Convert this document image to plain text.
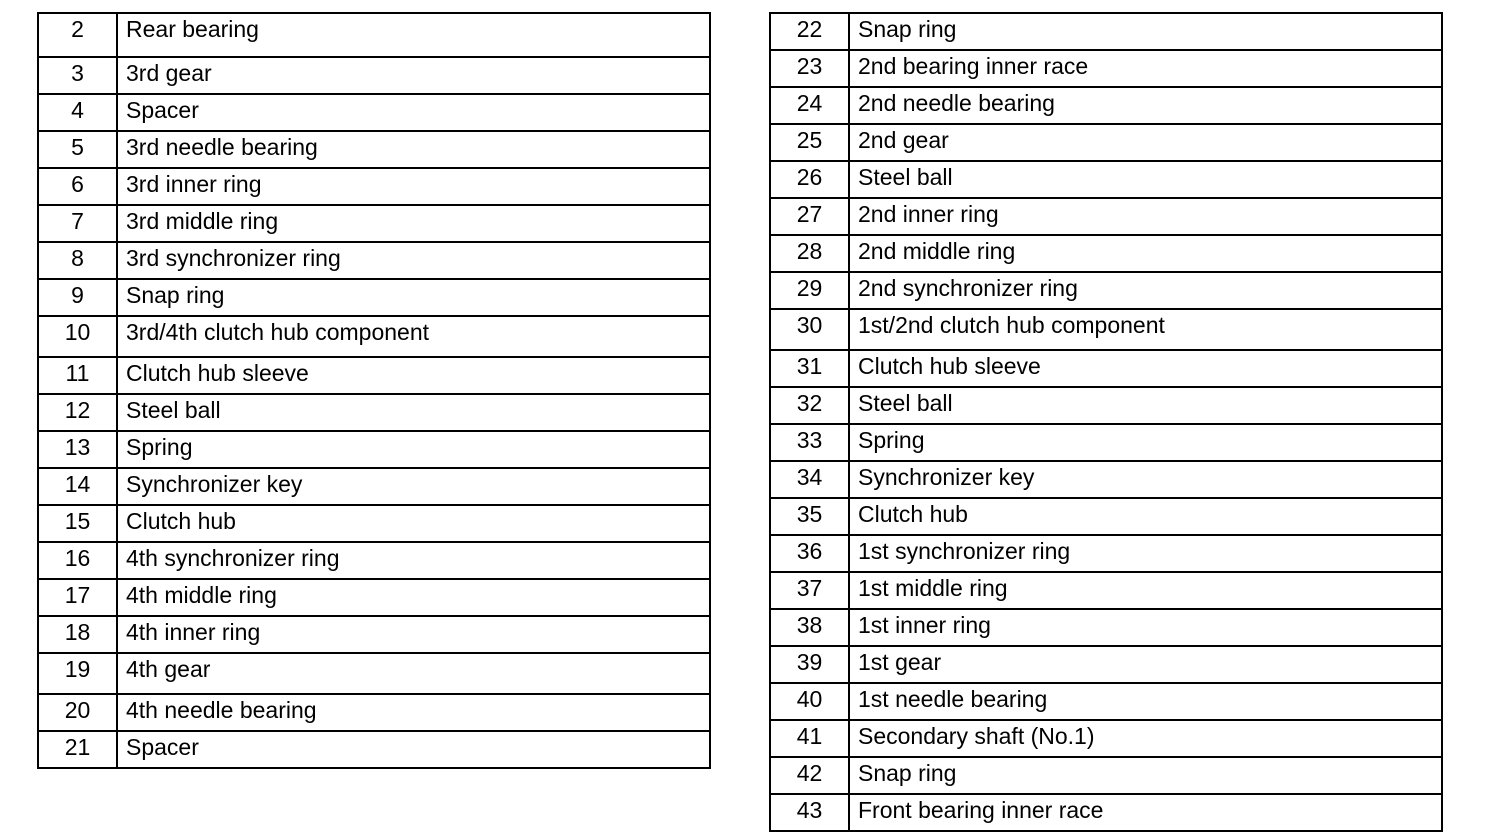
2	Rear bearing
3	3rd gear
4	Spacer
5	3rd needle bearing
6	3rd inner ring
7	3rd middle ring
8	3rd synchronizer ring
9	Snap ring
10	3rd/4th clutch hub component
11	Clutch hub sleeve
12	Steel ball
13	Spring
14	Synchronizer key
15	Clutch hub
16	4th synchronizer ring
17	4th middle ring
18	4th inner ring
19	4th gear
20	4th needle bearing
21	Spacer
22	Snap ring
23	2nd bearing inner race
24	2nd needle bearing
25	2nd gear
26	Steel ball
27	2nd inner ring
28	2nd middle ring
29	2nd synchronizer ring
30	1st/2nd clutch hub component
31	Clutch hub sleeve
32	Steel ball
33	Spring
34	Synchronizer key
35	Clutch hub
36	1st synchronizer ring
37	1st middle ring
38	1st inner ring
39	1st gear
40	1st needle bearing
41	Secondary shaft (No.1)
42	Snap ring
43	Front bearing inner race
